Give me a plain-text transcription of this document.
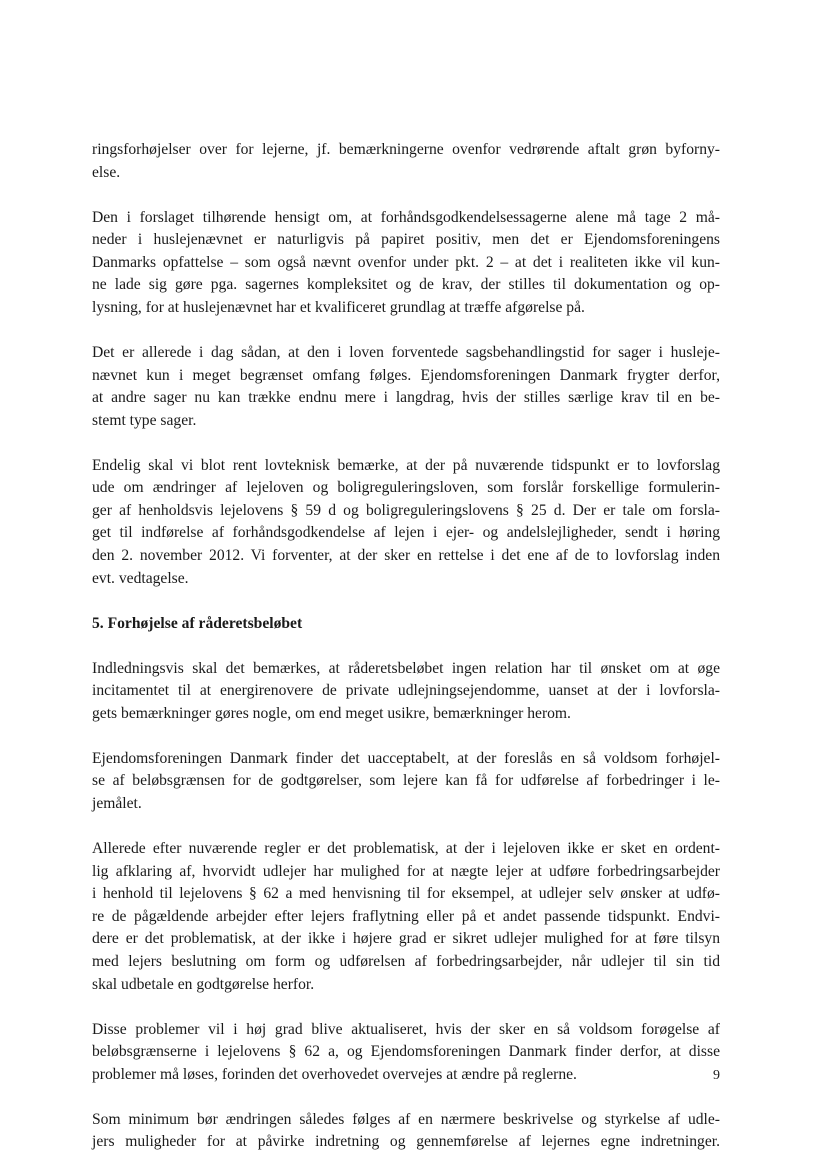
ringsforhøjelser over for lejerne, jf. bemærkningerne ovenfor vedrørende aftalt grøn byforny-
else.
Den i forslaget tilhørende hensigt om, at forhåndsgodkendelsessagerne alene må tage 2 må-
neder i huslejenævnet er naturligvis på papiret positiv, men det er Ejendomsforeningens
Danmarks opfattelse – som også nævnt ovenfor under pkt. 2 – at det i realiteten ikke vil kun-
ne lade sig gøre pga. sagernes kompleksitet og de krav, der stilles til dokumentation og op-
lysning, for at huslejenævnet har et kvalificeret grundlag at træffe afgørelse på.
Det er allerede i dag sådan, at den i loven forventede sagsbehandlingstid for sager i husleje-
nævnet kun i meget begrænset omfang følges. Ejendomsforeningen Danmark frygter derfor,
at andre sager nu kan trække endnu mere i langdrag, hvis der stilles særlige krav til en be-
stemt type sager.
Endelig skal vi blot rent lovteknisk bemærke, at der på nuværende tidspunkt er to lovforslag
ude om ændringer af lejeloven og boligreguleringsloven, som forslår forskellige formulerin-
ger af henholdsvis lejelovens § 59 d og boligreguleringslovens § 25 d. Der er tale om forsla-
get til indførelse af forhåndsgodkendelse af lejen i ejer- og andelslejligheder, sendt i høring
den 2. november 2012. Vi forventer, at der sker en rettelse i det ene af de to lovforslag inden
evt. vedtagelse.
5. Forhøjelse af råderetsbeløbet
Indledningsvis skal det bemærkes, at råderetsbeløbet ingen relation har til ønsket om at øge
incitamentet til at energirenovere de private udlejningsejendomme, uanset at der i lovforsla-
gets bemærkninger gøres nogle, om end meget usikre, bemærkninger herom.
Ejendomsforeningen Danmark finder det uacceptabelt, at der foreslås en så voldsom forhøjel-
se af beløbsgrænsen for de godtgørelser, som lejere kan få for udførelse af forbedringer i le-
jemålet.
Allerede efter nuværende regler er det problematisk, at der i lejeloven ikke er sket en ordent-
lig afklaring af, hvorvidt udlejer har mulighed for at nægte lejer at udføre forbedringsarbejder
i henhold til lejelovens § 62 a med henvisning til for eksempel, at udlejer selv ønsker at udfø-
re de pågældende arbejder efter lejers fraflytning eller på et andet passende tidspunkt. Endvi-
dere er det problematisk, at der ikke i højere grad er sikret udlejer mulighed for at føre tilsyn
med lejers beslutning om form og udførelsen af forbedringsarbejder, når udlejer til sin tid
skal udbetale en godtgørelse herfor.
Disse problemer vil i høj grad blive aktualiseret, hvis der sker en så voldsom forøgelse af
beløbsgrænserne i lejelovens § 62 a, og Ejendomsforeningen Danmark finder derfor, at disse
problemer må løses, forinden det overhovedet overvejes at ændre på reglerne.
Som minimum bør ændringen således følges af en nærmere beskrivelse og styrkelse af udle-
jers muligheder for at påvirke indretning og gennemførelse af lejernes egne indretninger.
9
